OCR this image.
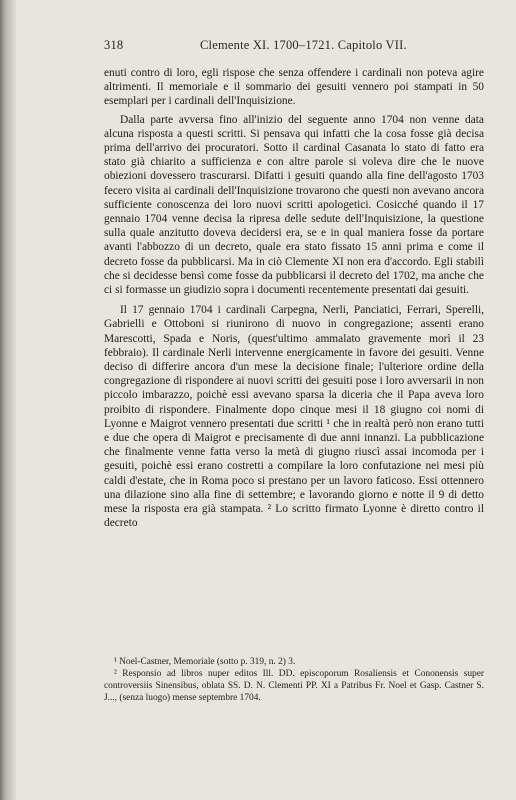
318	Clemente XI. 1700–1721. Capitolo VII.

enuti contro di loro, egli rispose che senza offendere i cardinali non poteva agire altrimenti. Il memoriale e il sommario dei gesuiti vennero poi stampati in 50 esemplari per i cardinali dell'Inquisizione.

Dalla parte avversa fino all'inizio del seguente anno 1704 non venne data alcuna risposta a questi scritti. Si pensava qui infatti che la cosa fosse già decisa prima dell'arrivo dei procuratori. Sotto il cardinal Casanata lo stato di fatto era stato già chiarito a sufficienza e con altre parole si voleva dire che le nuove obiezioni dovessero trascurarsi. Difatti i gesuiti quando alla fine dell'agosto 1703 fecero visita ai cardinali dell'Inquisizione trovarono che questi non avevano ancora sufficiente conoscenza dei loro nuovi scritti apologetici. Cosicché quando il 17 gennaio 1704 venne decisa la ripresa delle sedute dell'Inquisizione, la questione sulla quale anzitutto doveva decidersi era, se e in qual maniera fosse da portare avanti l'abbozzo di un decreto, quale era stato fissato 15 anni prima e come il decreto fosse da pubblicarsi. Ma in ciò Clemente XI non era d'accordo. Egli stabilì che si decidesse bensì come fosse da pubblicarsi il decreto del 1702, ma anche che ci si formasse un giudizio sopra i documenti recentemente presentati dai gesuiti.

Il 17 gennaio 1704 i cardinali Carpegna, Nerli, Panciatici, Ferrari, Sperelli, Gabrielli e Ottoboni si riunirono di nuovo in congregazione; assenti erano Marescotti, Spada e Noris, (quest'ultimo ammalato gravemente morì il 23 febbraio). Il cardinale Nerli intervenne energicamente in favore dei gesuiti. Venne deciso di differire ancora d'un mese la decisione finale; l'ulteriore ordine della congregazione di rispondere ai nuovi scritti dei gesuiti pose i loro avversarii in non piccolo imbarazzo, poichè essi avevano sparsa la diceria che il Papa aveva loro proibito di rispondere. Finalmente dopo cinque mesi il 18 giugno coi nomi di Lyonne e Maigrot vennero presentati due scritti ¹ che in realtà però non erano tutti e due che opera di Maigrot e precisamente di due anni innanzi. La pubblicazione che finalmente venne fatta verso la metà di giugno riuscì assai incomoda per i gesuiti, poichè essi erano costretti a compilare la loro confutazione nei mesi più caldi d'estate, che in Roma poco si prestano per un lavoro faticoso. Essi ottennero una dilazione sino alla fine di settembre; e lavorando giorno e notte il 9 di detto mese la risposta era già stampata. ² Lo scritto firmato Lyonne è diretto contro il decreto

¹ Noel-Castner, Memoriale (sotto p. 319, n. 2) 3.

² Responsio ad libros nuper editos Ill. DD. episcoporum Rosaliensis et Cononensis super controversiis Sinensibus, oblata SS. D. N. Clementi PP. XI a Patribus Fr. Noel et Gasp. Castner S. J..., (senza luogo) mense septembre 1704.
